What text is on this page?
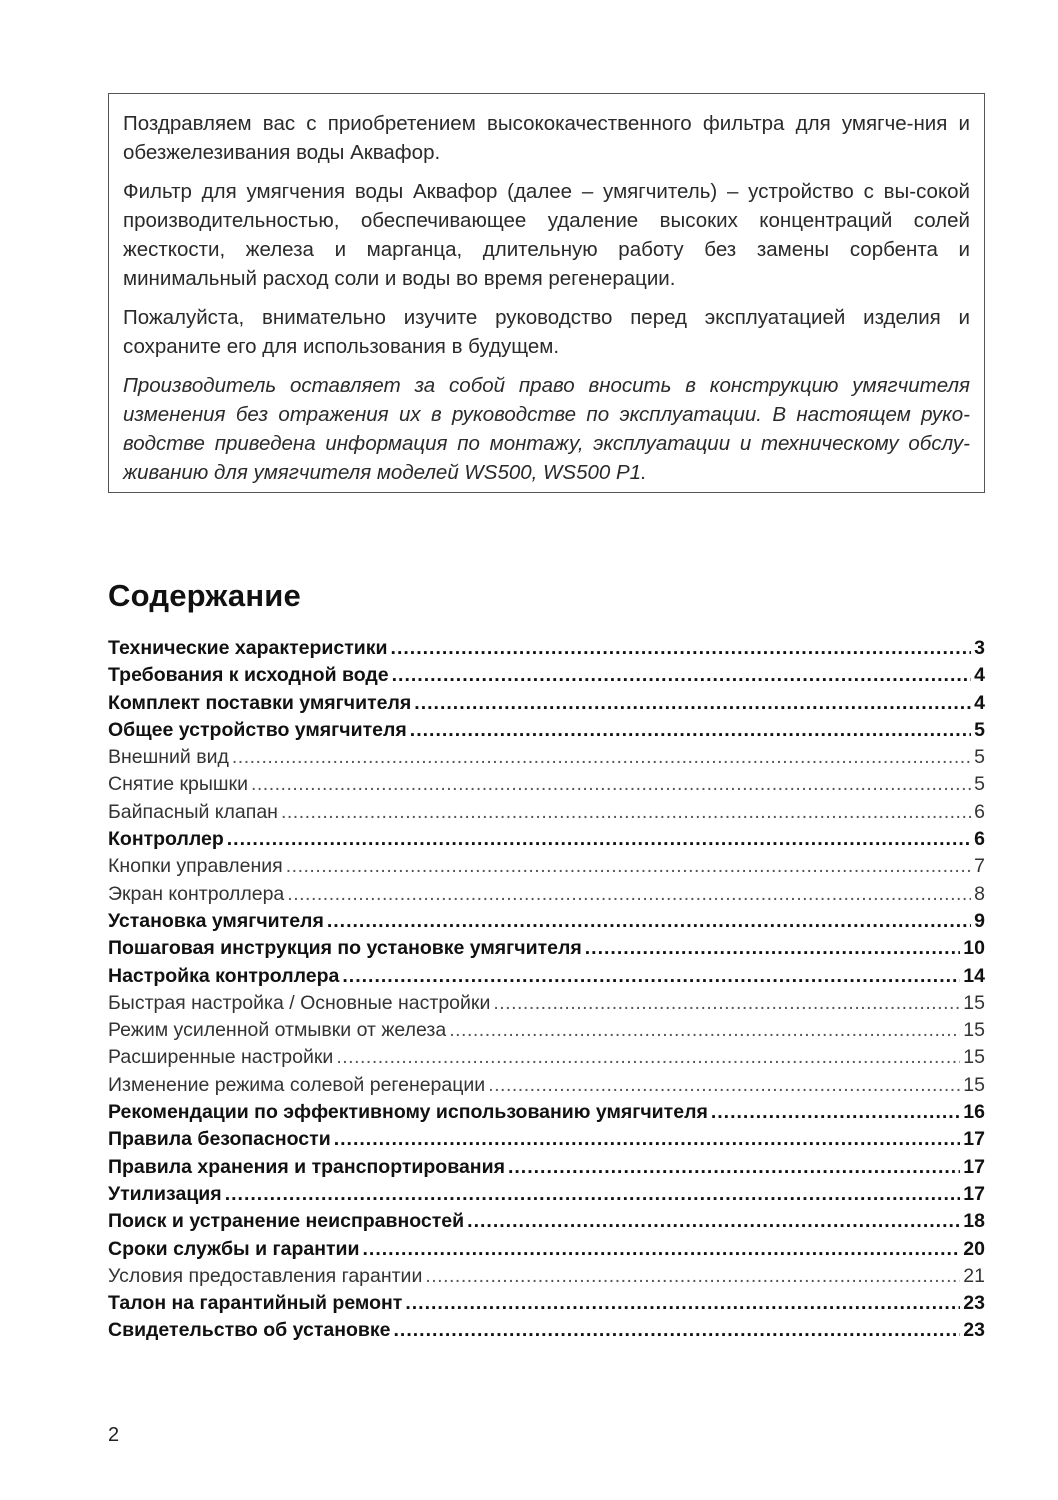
Поздравляем вас с приобретением высококачественного фильтра для умягче-ния и обезжелезивания воды Аквафор.

Фильтр для умягчения воды Аквафор (далее – умягчитель) – устройство с вы-сокой производительностью, обеспечивающее удаление высоких концентраций солей жесткости, железа и марганца, длительную работу без замены сорбента и минимальный расход соли и воды во время регенерации.

Пожалуйста, внимательно изучите руководство перед эксплуатацией изделия и сохраните его для использования в будущем.

Производитель оставляет за собой право вносить в конструкцию умягчителя изменения без отражения их в руководстве по эксплуатации. В настоящем руко-водстве приведена информация по монтажу, эксплуатации и техническому обслу-живанию для умягчителя моделей WS500, WS500 P1.

Содержание
Технические характеристики .....	3
Требования к исходной воде .....	4
Комплект поставки умягчителя .....	4
Общее устройство умягчителя .....	5
Внешний вид .....	5
Снятие крышки .....	5
Байпасный клапан .....	6
Контроллер .....	6
Кнопки управления .....	7
Экран контроллера .....	8
Установка умягчителя .....	9
Пошаговая инструкция по установке умягчителя .....	10
Настройка контроллера .....	14
Быстрая настройка / Основные настройки .....	15
Режим усиленной отмывки от железа .....	15
Расширенные настройки .....	15
Изменение режима солевой регенерации .....	15
Рекомендации по эффективному использованию умягчителя .....	16
Правила безопасности .....	17
Правила хранения и транспортирования .....	17
Утилизация .....	17
Поиск и устранение неисправностей .....	18
Сроки службы и гарантии .....	20
Условия предоставления гарантии .....	21
Талон на гарантийный ремонт .....	23
Свидетельство об установке .....	23
2
